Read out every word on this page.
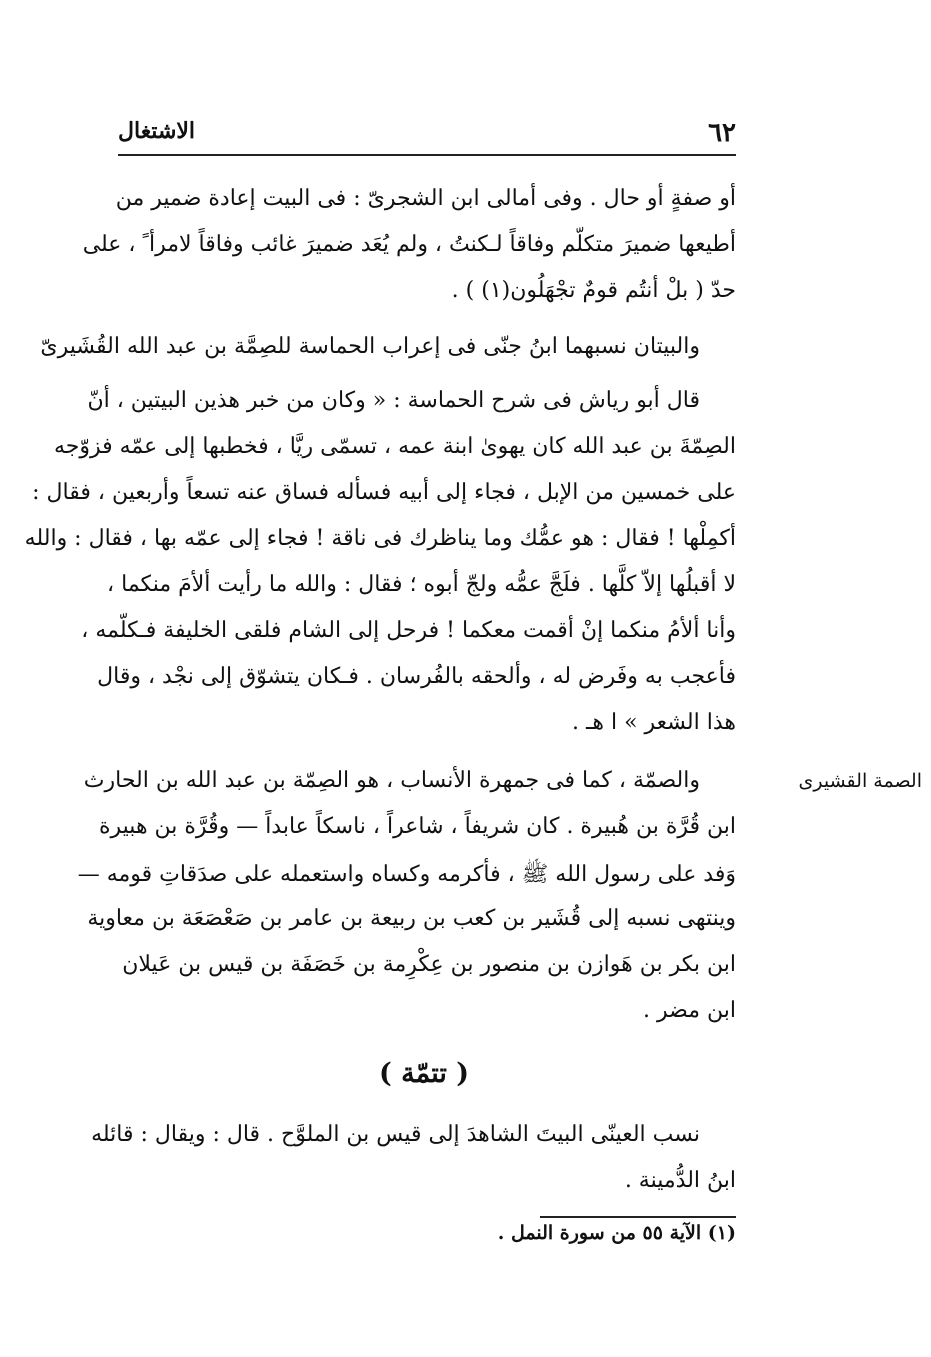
٦٢
الاشتغال
أو صفةٍ أو حال . وفى أمالى ابن الشجرىّ : فى البيت إعادة ضمير من
أطيعها ضميرَ متكلّم وفاقاً لـكنتُ ، ولم يُعَد ضميرَ غائب وفاقاً لامرأ ً ، على
حدّ ( بلْ أنتُم قومٌ تجْهَلُون(١) ) .
والبيتان نسبهما ابنُ جنّى فى إعراب الحماسة للصِمَّة بن عبد الله القُشَيرىّ
قال أبو رياش فى شرح الحماسة : « وكان من خبر هذين البيتين ، أنّ
الصِمّةَ بن عبد الله كان يهوىٰ ابنة عمه ، تسمّى ريَّا ، فخطبها إلى عمّه فزوّجه
على خمسين من الإبل ، فجاء إلى أبيه فسأله فساق عنه تسعاً وأربعين ، فقال :
أكمِلْها ! فقال : هو عمُّك وما يناظرك فى ناقة ! فجاء إلى عمّه بها ، فقال : والله
لا أقبلُها إلاّ كلَّها . فلَجَّ عمُّه ولجّ أبوه ؛ فقال : والله ما رأيت ألأمَ منكما ،
وأنا ألأمُ منكما إنْ أقمت معكما ! فرحل إلى الشام فلقى الخليفة فـكلّمه ،
فأعجب به وفَرض له ، وألحقه بالفُرسان . فـكان يتشوّق إلى نجْد ، وقال
هذا الشعر » ا هـ .
الصمة القشيرى
والصمّة ، كما فى جمهرة الأنساب ، هو الصِمّة بن عبد الله بن الحارث
ابن قُرَّة بن هُبيرة . كان شريفاً ، شاعراً ، ناسكاً عابداً — وقُرَّة بن هبيرة
وَفد على رسول الله ﷺ ، فأكرمه وكساه واستعمله على صدَقاتِ قومه —
وينتهى نسبه إلى قُشَير بن كعب بن ربيعة بن عامر بن صَعْصَعَة بن معاوية
ابن بكر بن هَوازن بن منصور بن عِكْرِمة بن خَصَفَة بن قيس بن عَيلان
ابن مضر .
( تتمّة )
نسب العينّى البيتَ الشاهدَ إلى قيس بن الملوَّح . قال : ويقال : قائله
ابنُ الدُّمينة .
(١) الآية ٥٥ من سورة النمل .
